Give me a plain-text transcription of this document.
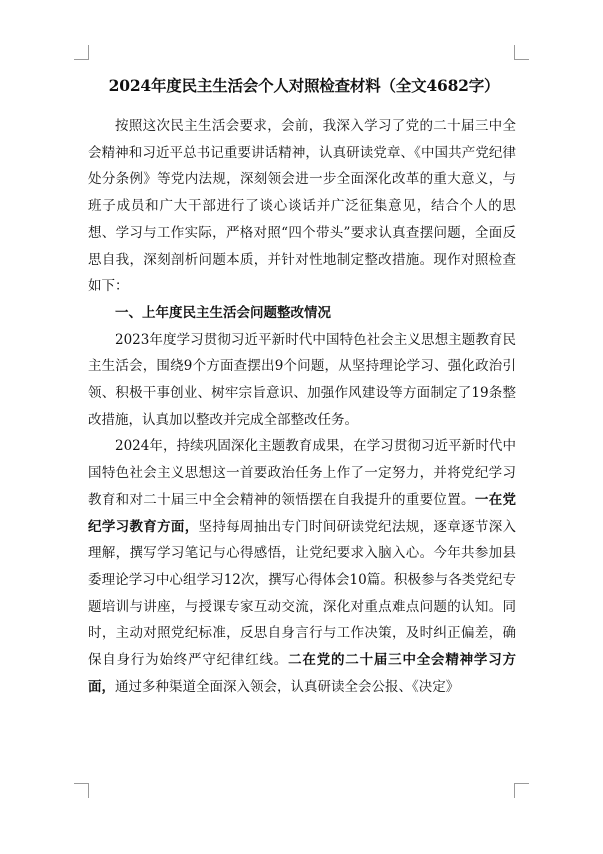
2024年度民主生活会个人对照检查材料（全文4682字）

按照这次民主生活会要求，会前，我深入学习了党的二十届三中全会精神和习近平总书记重要讲话精神，认真研读党章、《中国共产党纪律处分条例》等党内法规，深刻领会进一步全面深化改革的重大意义，与班子成员和广大干部进行了谈心谈话并广泛征集意见，结合个人的思想、学习与工作实际，严格对照“四个带头”要求认真查摆问题，全面反思自我，深刻剖析问题本质，并针对性地制定整改措施。现作对照检查如下：

一、上年度民主生活会问题整改情况

2023年度学习贯彻习近平新时代中国特色社会主义思想主题教育民主生活会，围绕9个方面查摆出9个问题，从坚持理论学习、强化政治引领、积极干事创业、树牢宗旨意识、加强作风建设等方面制定了19条整改措施，认真加以整改并完成全部整改任务。

2024年，持续巩固深化主题教育成果，在学习贯彻习近平新时代中国特色社会主义思想这一首要政治任务上作了一定努力，并将党纪学习教育和对二十届三中全会精神的领悟摆在自我提升的重要位置。一在党纪学习教育方面，坚持每周抽出专门时间研读党纪法规，逐章逐节深入理解，撰写学习笔记与心得感悟，让党纪要求入脑入心。今年共参加县委理论学习中心组学习12次，撰写心得体会10篇。积极参与各类党纪专题培训与讲座，与授课专家互动交流，深化对重点难点问题的认知。同时，主动对照党纪标准，反思自身言行与工作决策，及时纠正偏差，确保自身行为始终严守纪律红线。二在党的二十届三中全会精神学习方面，通过多种渠道全面深入领会，认真研读全会公报、《决定》
